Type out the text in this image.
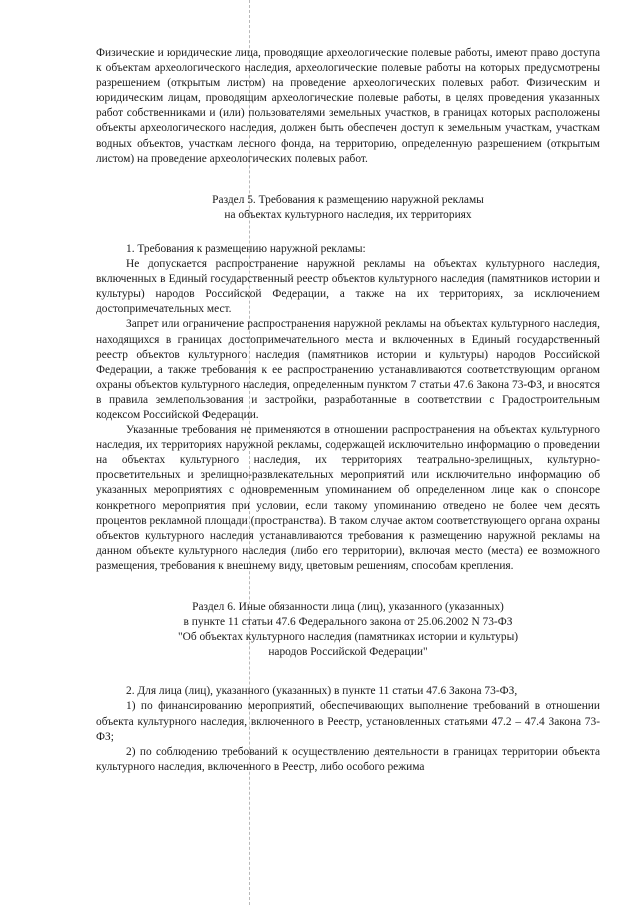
Физические и юридические лица, проводящие археологические полевые работы, имеют право доступа к объектам археологического наследия, археологические полевые работы на которых предусмотрены разрешением (открытым листом) на проведение археологических полевых работ. Физическим и юридическим лицам, проводящим археологические полевые работы, в целях проведения указанных работ собственниками и (или) пользователями земельных участков, в границах которых расположены объекты археологического наследия, должен быть обеспечен доступ к земельным участкам, участкам водных объектов, участкам лесного фонда, на территорию, определенную разрешением (открытым листом) на проведение археологических полевых работ.

Раздел 5. Требования к размещению наружной рекламы

на объектах культурного наследия, их территориях

1. Требования к размещению наружной рекламы:

Не допускается распространение наружной рекламы на объектах культурного наследия, включенных в Единый государственный реестр объектов культурного наследия (памятников истории и культуры) народов Российской Федерации, а также на их территориях, за исключением достопримечательных мест.

Запрет или ограничение распространения наружной рекламы на объектах культурного наследия, находящихся в границах достопримечательного места и включенных в Единый государственный реестр объектов культурного наследия (памятников истории и культуры) народов Российской Федерации, а также требования к ее распространению устанавливаются соответствующим органом охраны объектов культурного наследия, определенным пунктом 7 статьи 47.6 Закона 73-ФЗ, и вносятся в правила землепользования и застройки, разработанные в соответствии с Градостроительным кодексом Российской Федерации.

Указанные требования не применяются в отношении распространения на объектах культурного наследия, их территориях наружной рекламы, содержащей исключительно информацию о проведении на объектах культурного наследия, их территориях театрально-зрелищных, культурно-просветительных и зрелищно-развлекательных мероприятий или исключительно информацию об указанных мероприятиях с одновременным упоминанием об определенном лице как о спонсоре конкретного мероприятия при условии, если такому упоминанию отведено не более чем десять процентов рекламной площади (пространства). В таком случае актом соответствующего органа охраны объектов культурного наследия устанавливаются требования к размещению наружной рекламы на данном объекте культурного наследия (либо его территории), включая место (места) ее возможного размещения, требования к внешнему виду, цветовым решениям, способам крепления.

Раздел 6. Иные обязанности лица (лиц), указанного (указанных)

в пункте 11 статьи 47.6 Федерального закона от 25.06.2002 N 73-ФЗ

"Об объектах культурного наследия (памятниках истории и культуры)

народов Российской Федерации"

2. Для лица (лиц), указанного (указанных) в пункте 11 статьи 47.6 Закона 73-ФЗ,

1) по финансированию мероприятий, обеспечивающих выполнение требований в отношении объекта культурного наследия, включенного в Реестр, установленных статьями 47.2 – 47.4 Закона 73-ФЗ;

2) по соблюдению требований к осуществлению деятельности в границах территории объекта культурного наследия, включенного в Реестр, либо особого режима
